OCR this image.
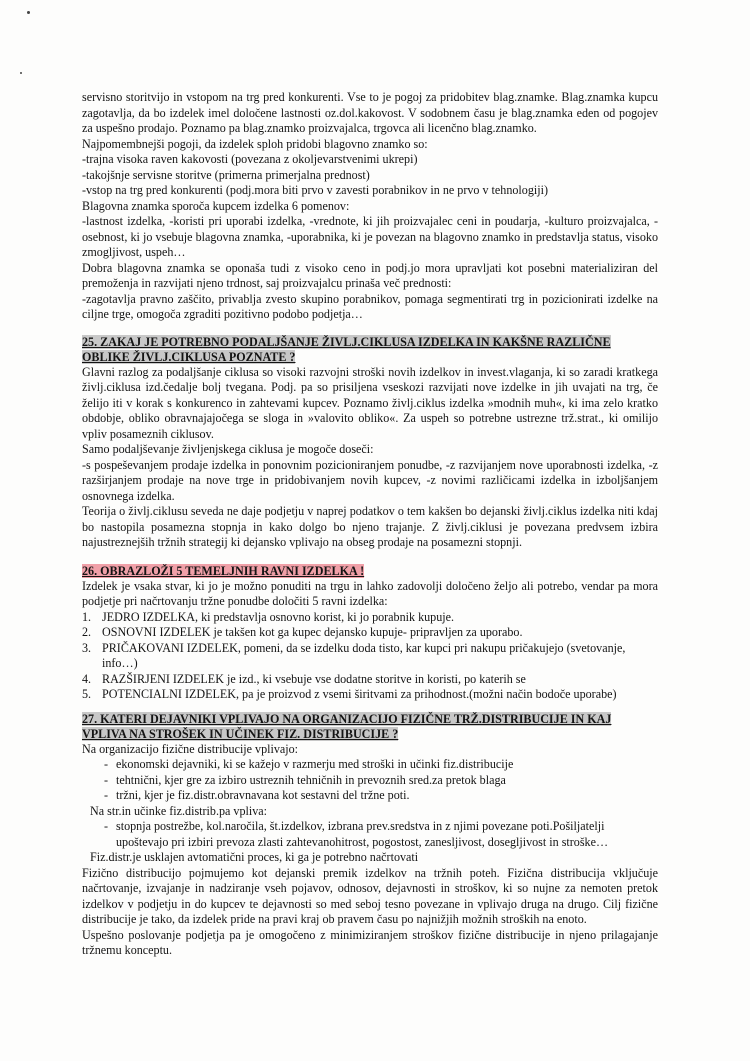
servisno storitvijo in vstopom na trg pred konkurenti. Vse to je pogoj za pridobitev blag.znamke. Blag.znamka kupcu zagotavlja, da bo izdelek imel določene lastnosti oz.dol.kakovost. V sodobnem času je blag.znamka eden od pogojev za uspešno prodajo. Poznamo pa blag.znamko proizvajalca, trgovca ali licenčno blag.znamko.

Najpomembnejši pogoji, da izdelek sploh pridobi blagovno znamko so:

-trajna visoka raven kakovosti (povezana z okoljevarstvenimi ukrepi)

-takojšnje servisne storitve (primerna primerjalna prednost)

-vstop na trg pred konkurenti (podj.mora biti prvo v zavesti porabnikov in ne prvo v tehnologiji)

Blagovna znamka sporoča kupcem izdelka 6 pomenov:

-lastnost izdelka, -koristi pri uporabi izdelka, -vrednote, ki jih proizvajalec ceni in poudarja, -kulturo proizvajalca, -osebnost, ki jo vsebuje blagovna znamka, -uporabnika, ki je povezan na blagovno znamko in predstavlja status, visoko zmogljivost, uspeh…

Dobra blagovna znamka se oponaša tudi z visoko ceno in podj.jo mora upravljati kot posebni materializiran del premoženja in razvijati njeno trdnost, saj proizvajalcu prinaša več prednosti:

-zagotavlja pravno zaščito, privablja zvesto skupino porabnikov, pomaga segmentirati trg in pozicionirati izdelke na ciljne trge, omogoča zgraditi pozitivno podobo podjetja…

25. ZAKAJ JE POTREBNO PODALJŠANJE ŽIVLJ.CIKLUSA IZDELKA IN KAKŠNE RAZLIČNE OBLIKE ŽIVLJ.CIKLUSA POZNATE ?

Glavni razlog za podaljšanje ciklusa so visoki razvojni stroški novih izdelkov in invest.vlaganja, ki so zaradi kratkega življ.ciklusa izd.čedalje bolj tvegana. Podj. pa so prisiljena vseskozi razvijati nove izdelke in jih uvajati na trg, če želijo iti v korak s konkurenco in zahtevami kupcev. Poznamo življ.ciklus izdelka »modnih muh«, ki ima zelo kratko obdobje, obliko obravnajajočega se sloga in »valovito obliko«. Za uspeh so potrebne ustrezne trž.strat., ki omilijo vpliv posameznih ciklusov.

Samo podaljševanje življenjskega ciklusa je mogoče doseči:

-s pospeševanjem prodaje izdelka in ponovnim pozicioniranjem ponudbe, -z razvijanjem nove uporabnosti izdelka, -z razširjanjem prodaje na nove trge in pridobivanjem novih kupcev, -z novimi različicami izdelka in izboljšanjem osnovnega izdelka.

Teorija o življ.ciklusu seveda ne daje podjetju v naprej podatkov o tem kakšen bo dejanski življ.ciklus izdelka niti kdaj bo nastopila posamezna stopnja in kako dolgo bo njeno trajanje. Z življ.ciklusi je povezana predvsem izbira najustreznejših tržnih strategij ki dejansko vplivajo na obseg prodaje na posamezni stopnji.

26. OBRAZLOŽI 5 TEMELJNIH RAVNI IZDELKA !

Izdelek je vsaka stvar, ki jo je možno ponuditi na trgu in lahko zadovolji določeno željo ali potrebo, vendar pa mora podjetje pri načrtovanju tržne ponudbe določiti 5 ravni izdelka:

1. JEDRO IZDELKA, ki predstavlja osnovno korist, ki jo porabnik kupuje.
2. OSNOVNI IZDELEK je takšen kot ga kupec dejansko kupuje- pripravljen za uporabo.
3. PRIČAKOVANI IZDELEK, pomeni, da se izdelku doda tisto, kar kupci pri nakupu pričakujejo (svetovanje, info…)
4. RAZŠIRJENI IZDELEK je izd., ki vsebuje vse dodatne storitve in koristi, po katerih se
5. POTENCIALNI IZDELEK, pa je proizvod z vsemi širitvami za prihodnost.(možni način bodoče uporabe)

27. KATERI DEJAVNIKI VPLIVAJO NA ORGANIZACIJO FIZIČNE TRŽ.DISTRIBUCIJE IN KAJ VPLIVA NA STROŠEK IN UČINEK FIZ. DISTRIBUCIJE ?

Na organizacijo fizične distribucije vplivajo:

- ekonomski dejavniki, ki se kažejo v razmerju med stroški in učinki fiz.distribucije
- tehtnični, kjer gre za izbiro ustreznih tehničnih in prevoznih sred.za pretok blaga
- tržni, kjer je fiz.distr.obravnavana kot sestavni del tržne poti.

Na str.in učinke fiz.distrib.pa vpliva:

- stopnja postrežbe, kol.naročila, št.izdelkov, izbrana prev.sredstva in z njimi povezane poti.Pošiljatelji upoštevajo pri izbiri prevoza zlasti zahtevanohitrost, pogostost, zanesljivost, dosegljivost in stroške…

Fiz.distr.je usklajen avtomatični proces, ki ga je potrebno načrtovati

Fizično distribucijo pojmujemo kot dejanski premik izdelkov na tržnih poteh. Fizična distribucija vključuje načrtovanje, izvajanje in nadziranje vseh pojavov, odnosov, dejavnosti in stroškov, ki so nujne za nemoten pretok izdelkov v podjetju in do kupcev te dejavnosti so med seboj tesno povezane in vplivajo druga na drugo. Cilj fizične distribucije je tako, da izdelek pride na pravi kraj ob pravem času po najnižjih možnih stroških na enoto.

Uspešno poslovanje podjetja pa je omogočeno z minimiziranjem stroškov fizične distribucije in njeno prilagajanje tržnemu konceptu.
